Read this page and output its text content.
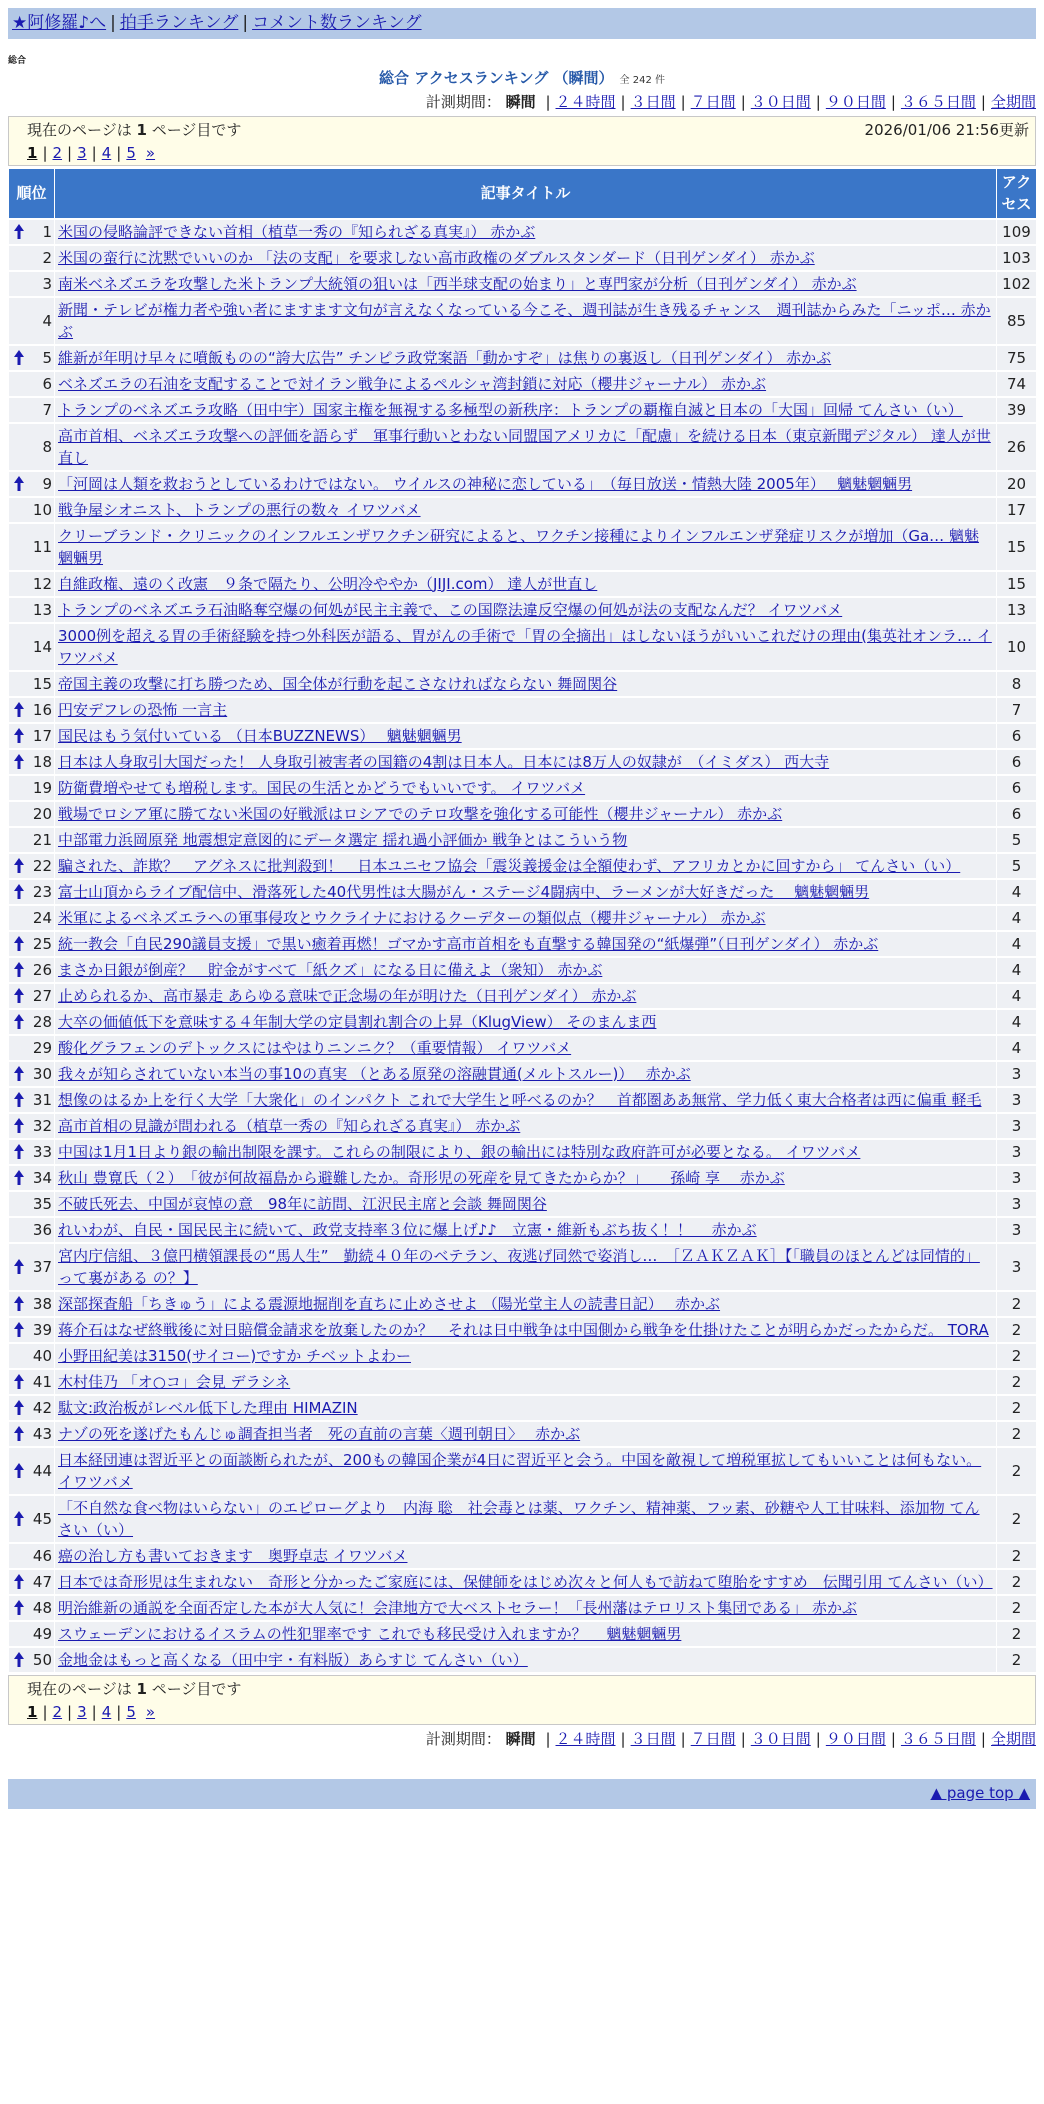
★阿修羅♪へ | 拍手ランキング | コメント数ランキング
総合
総合 アクセスランキング （瞬間） 全 242 件
計測期間： 瞬間 | ２４時間 | ３日間 | ７日間 | ３０日間 | ９０日間 | ３６５日間 | 全期間
現在のページは 1 ページ目です	2026/01/06 21:56更新
1 | 2 | 3 | 4 | 5 »
順位	記事タイトル	アクセス

1	米国の侵略論評できない首相（植草一秀の『知られざる真実』） 赤かぶ	109
2	米国の蛮行に沈黙でいいのか 「法の支配」を要求しない高市政権のダブルスタンダード（日刊ゲンダイ） 赤かぶ	103
3	南米ベネズエラを攻撃した米トランプ大統領の狙いは「西半球支配の始まり」と専門家が分析（日刊ゲンダイ） 赤かぶ	102
4	新聞・テレビが権力者や強い者にますます文句が言えなくなっている今こそ、週刊誌が生き残るチャンス　週刊誌からみた「ニッポ… 赤かぶ	85

5	維新が年明け早々に噴飯ものの“誇大広告” チンピラ政党案語「動かすぞ」は焦りの裏返し（日刊ゲンダイ） 赤かぶ	75
6	ベネズエラの石油を支配することで対イラン戦争によるペルシャ湾封鎖に対応（櫻井ジャーナル） 赤かぶ	74
7	トランプのベネズエラ攻略（田中宇）国家主権を無視する多極型の新秩序：トランプの覇権自滅と日本の「大国」回帰 てんさい（い）	39
8	高市首相、ベネズエラ攻撃への評価を語らず　軍事行動いとわない同盟国アメリカに「配慮」を続ける日本（東京新聞デジタル） 達人が世直し	26

9	「河岡は人類を救おうとしているわけではない。 ウイルスの神秘に恋している」　（毎日放送・情熱大陸 2005年）　 魑魅魍魎男	20
10	戦争屋シオニスト、トランプの悪行の数々 イワツバメ	17
11	クリーブランド・クリニックのインフルエンザワクチン研究によると、ワクチン接種によりインフルエンザ発症リスクが増加（Ga… 魑魅魍魎男	15
12	自維政権、遠のく改憲　９条で隔たり、公明冷ややか（JIJI.com） 達人が世直し	15
13	トランプのベネズエラ石油略奪空爆の何処が民主主義で、この国際法違反空爆の何処が法の支配なんだ？ イワツバメ	13
14	3000例を超える胃の手術経験を持つ外科医が語る、胃がんの手術で「胃の全摘出」はしないほうがいいこれだけの理由(集英社オンラ… イワツバメ	10
15	帝国主義の攻撃に打ち勝つため、国全体が行動を起こさなければならない 舞岡関谷	8

16	円安デフレの恐怖 一言主	7

17	国民はもう気付いている （日本BUZZNEWS）　 魑魅魍魎男	6

18	日本は人身取引大国だった！ 人身取引被害者の国籍の4割は日本人。日本には8万人の奴隷が　（イミダス） 西大寺	6
19	防衛費増やせても増税します。国民の生活とかどうでもいいです。 イワツバメ	6
20	戦場でロシア軍に勝てない米国の好戦派はロシアでのテロ攻撃を強化する可能性（櫻井ジャーナル） 赤かぶ	6
21	中部電力浜岡原発 地震想定意図的にデータ選定 揺れ過小評価か 戦争とはこういう物	5

22	騙された、詐欺？　アグネスに批判殺到！　日本ユニセフ協会「震災義援金は全額使わず、アフリカとかに回すから」 てんさい（い）	5

23	富士山頂からライブ配信中、滑落死した40代男性は大腸がん・ステージ4闘病中、ラーメンが大好きだった　 魑魅魍魎男	4
24	米軍によるベネズエラへの軍事侵攻とウクライナにおけるクーデターの類似点（櫻井ジャーナル） 赤かぶ	4

25	統一教会「自民290議員支援」で黒い癒着再燃！ゴマかす高市首相をも直撃する韓国発の“紙爆弾”（日刊ゲンダイ） 赤かぶ	4

26	まさか日銀が倒産？　貯金がすべて「紙クズ」になる日に備えよ（衆知） 赤かぶ	4

27	止められるか、高市暴走 あらゆる意味で正念場の年が明けた（日刊ゲンダイ） 赤かぶ	4

28	大卒の価値低下を意味する４年制大学の定員割れ割合の上昇（KlugView） そのまんま西	4
29	酸化グラフェンのデトックスにはやはりニンニク？（重要情報） イワツバメ	4

30	我々が知らされていない本当の事10の真実 （とある原発の溶融貫通(メルトスルー)）　 赤かぶ	3

31	想像のはるか上を行く大学「大衆化」のインパクト これで大学生と呼べるのか？　首都圏ああ無常、学力低く東大合格者は西に偏重 軽毛	3

32	高市首相の見識が問われる（植草一秀の『知られざる真実』） 赤かぶ	3

33	中国は1月1日より銀の輸出制限を課す。これらの制限により、銀の輸出には特別な政府許可が必要となる。 イワツバメ	3

34	秋山 豊寛氏（２）　「彼が何故福島から避難したか。奇形児の死産を見てきたからか？」　　孫崎 享　 赤かぶ	3
35	不破氏死去、中国が哀悼の意　98年に訪問、江沢民主席と会談 舞岡関谷	3
36	れいわが、自民・国民民主に続いて、政党支持率３位に爆上げ♪♪　立憲・維新もぶち抜く！！　 赤かぶ	3

37	宮内庁信組、３億円横領課長の“馬人生”　勤続４０年のベテラン、夜逃げ同然で姿消し…　［ＺＡＫＺＡＫ］【「職員のほとんどは同情的」って裏がある の？】	3

38	深部探査船「ちきゅう」による震源地掘削を直ちに止めさせよ （陽光堂主人の読書日記）　 赤かぶ	2

39	蒋介石はなぜ終戦後に対日賠償金請求を放棄したのか？　それは日中戦争は中国側から戦争を仕掛けたことが明らかだったからだ。 TORA	2
40	小野田紀美は3150(サイコー)ですか チベットよわー	2

41	木村佳乃 「オ○コ」会見 デラシネ	2

42	駄文:政治板がレベル低下した理由 HIMAZIN	2

43	ナゾの死を遂げたもんじゅ調査担当者　死の直前の言葉〈週刊朝日〉　 赤かぶ	2

44	日本経団連は習近平との面談断られたが、200もの韓国企業が4日に習近平と会う。中国を敵視して増税軍拡してもいいことは何もない。 イワツバメ	2

45	「不自然な食べ物はいらない」のエピローグより　内海 聡　社会毒とは薬、ワクチン、精神薬、フッ素、砂糖や人工甘味料、添加物 てんさい（い）	2
46	癌の治し方も書いておきます　奥野卓志 イワツバメ	2

47	日本では奇形児は生まれない　奇形と分かったご家庭には、保健師をはじめ次々と何人もで訪ねて堕胎をすすめ　伝聞引用 てんさい（い）	2

48	明治維新の通説を全面否定した本が大人気に！会津地方で大ベストセラー！「長州藩はテロリスト集団である」 赤かぶ	2
49	スウェーデンにおけるイスラムの性犯罪率です これでも移民受け入れますか？　 魑魅魍魎男	2

50	金地金はもっと高くなる（田中宇・有料版）あらすじ てんさい（い）	2
現在のページは 1 ページ目です
1 | 2 | 3 | 4 | 5 »
計測期間： 瞬間 | ２４時間 | ３日間 | ７日間 | ３０日間 | ９０日間 | ３６５日間 | 全期間
▲ page top ▲
